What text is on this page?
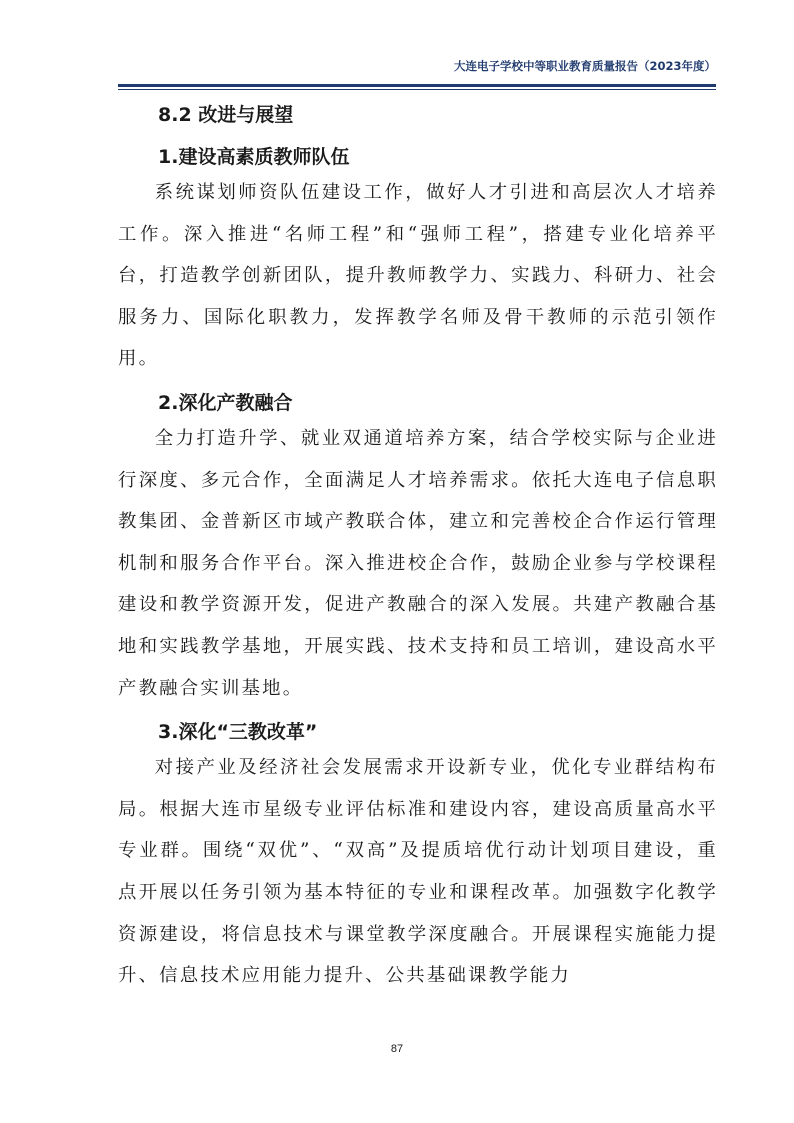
大连电子学校中等职业教育质量报告（2023年度）
8.2 改进与展望
1.建设高素质教师队伍

系统谋划师资队伍建设工作，做好人才引进和高层次人才培养工作。深入推进“名师工程”和“强师工程”，搭建专业化培养平台，打造教学创新团队，提升教师教学力、实践力、科研力、社会服务力、国际化职教力，发挥教学名师及骨干教师的示范引领作用。

2.深化产教融合

全力打造升学、就业双通道培养方案，结合学校实际与企业进行深度、多元合作，全面满足人才培养需求。依托大连电子信息职教集团、金普新区市域产教联合体，建立和完善校企合作运行管理机制和服务合作平台。深入推进校企合作，鼓励企业参与学校课程建设和教学资源开发，促进产教融合的深入发展。共建产教融合基地和实践教学基地，开展实践、技术支持和员工培训，建设高水平产教融合实训基地。

3.深化“三教改革”

对接产业及经济社会发展需求开设新专业，优化专业群结构布局。根据大连市星级专业评估标准和建设内容，建设高质量高水平专业群。围绕“双优”、“双高”及提质培优行动计划项目建设，重点开展以任务引领为基本特征的专业和课程改革。加强数字化教学资源建设，将信息技术与课堂教学深度融合。开展课程实施能力提升、信息技术应用能力提升、公共基础课教学能力

87
